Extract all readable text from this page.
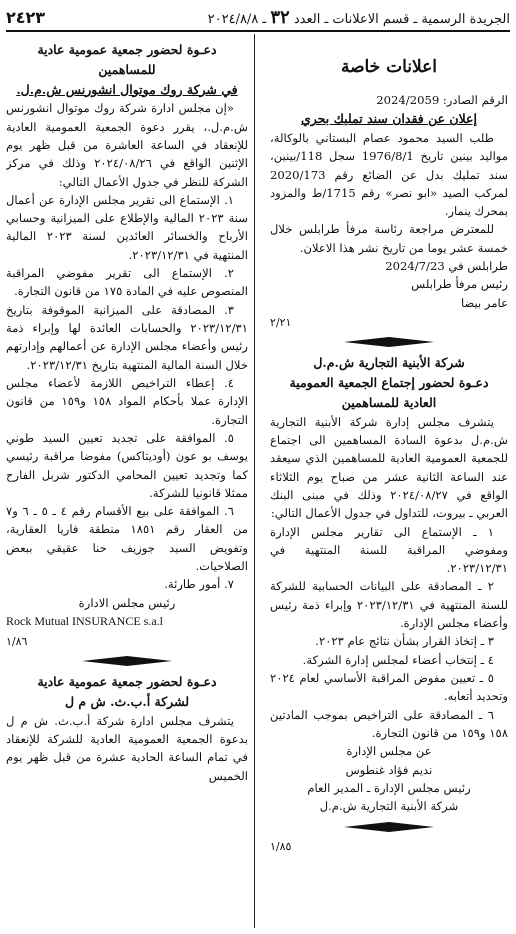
الجريدة الرسمية ـ قسم الاعلانات ـ العدد ٣٢ ـ ٢٠٢٤/٨/٨
٢٤٢٣

اعلانات خاصة

الرقم الصادر: 2024/2059

إعلان عن فقدان سند تمليك بحري

طلب السيد محمود عصام البستاني بالوكالة، مواليد بينين تاريخ 1976/8/1 سجل 118/بينين، سند تمليك بدل عن الضائع رقم 2020/173 لمركب الصيد «ابو نصر» رقم 1715/ط والمزود بمحرك ينمار.

للمعترض مراجعة رئاسة مرفأ طرابلس خلال خمسة عشر يوما من تاريخ نشر هذا الاعلان.

طرابلس في 2024/7/23

رئيس مرفأ طرابلس

عامر بيضا

٢/٢١

شركة الأبنية التجارية ش.م.ل

دعـوة لحضور إجتماع الجمعية العمومية

العادية للمساهمين

يتشرف مجلس إدارة شركة الأبنية التجارية ش.م.ل بدعوة السادة المساهمين الى اجتماع للجمعية العمومية العادية للمساهمين الذي سيعقد عند الساعة الثانية عشر من صباح يوم الثلاثاء الواقع في ٢٠٢٤/٠٨/٢٧ وذلك في مبنى البنك العربي ـ بيروت، للتداول في جدول الأعمال التالي:

١ ـ الإستماع الى تقارير مجلس الإدارة ومفوضي المراقبة للسنة المنتهية في ٢٠٢٣/١٢/٣١.

٢ ـ المصادقة على البيانات الحسابية للشركة للسنة المنتهية في ٢٠٢٣/١٢/٣١ وإبراء ذمة رئيس وأعضاء مجلس الإدارة.

٣ ـ إتخاذ القرار بشأن نتائج عام ٢٠٢٣.

٤ ـ إنتخاب أعضاء لمجلس إدارة الشركة.

٥ ـ تعيين مفوض المراقبة الأساسي لعام ٢٠٢٤ وتحديد أتعابه.

٦ ـ المصادقة على التراخيص بموجب المادتين ١٥٨ و١٥٩ من قانون التجارة.

عن مجلس الإدارة

نديم فؤاد غنطوس

رئيس مجلس الإدارة ـ المدير العام

شركة الأبنية التجارية ش.م.ل

١/٨٥

دعـوة لحضور جمعية عمومية عادية

للمساهمين

في شركة روك موتوال انشورنس ش.م.ل.

«إن مجلس ادارة شركة روك موتوال انشورنس ش.م.ل.، يقرر دعوة الجمعية العمومية العادية للإنعقاد في الساعة العاشرة من قبل ظهر يوم الإثنين الواقع في ٢٠٢٤/٠٨/٢٦ وذلك في مركز الشركة للنظر في جدول الأعمال التالي:

١. الإستماع الى تقرير مجلس الإدارة عن أعمال سنة ٢٠٢٣ المالية والإطلاع على الميزانية وحسابي الأرباح والخسائر العائدين لسنة ٢٠٢٣ المالية المنتهية في ٢٠٢٣/١٢/٣١.

٢. الإستماع الى تقرير مفوضي المراقبة المنصوص عليه في المادة ١٧٥ من قانون التجارة.

٣. المصادقة على الميزانية الموقوفة بتاريخ ٢٠٢٣/١٢/٣١ والحسابات العائدة لها وإبراء ذمة رئيس وأعضاء مجلس الإدارة عن أعمالهم وإدارتهم خلال السنة المالية المنتهية بتاريخ ٢٠٢٣/١٢/٣١.

٤. إعطاء التراخيص اللازمة لأعضاء مجلس الإدارة عملا بأحكام المواد ١٥٨ و١٥٩ من قانون التجارة.

٥. الموافقة على تجديد تعيين السيد طوني يوسف بو عون (أوديتاكس) مفوضا مراقبة رئيسي كما وتجديد تعيين المحامي الدكتور شربل الفارح ممثلا قانونيا للشركة.

٦. الموافقة على بيع الأقسام رقم ٤ ـ ٥ ـ ٦ و٧ من العقار رقم ١٨٥١ منطقة فاريا العقارية، وتفويض السيد جوزيف حنا عقيقي ببعض الصلاحيات.

٧. أمور طارئة.

رئيس مجلس الادارة

Rock Mutual INSURANCE s.a.l

١/٨٦

دعـوة لحضور جمعية عمومية عادية

لشركة أ.ب.ث. ش م ل

يتشرف مجلس ادارة شركة أ.ب.ث. ش م ل بدعوة الجمعية العمومية العادية للشركة للإنعقاد في تمام الساعة الحادية عشرة من قبل ظهر يوم الخميس
